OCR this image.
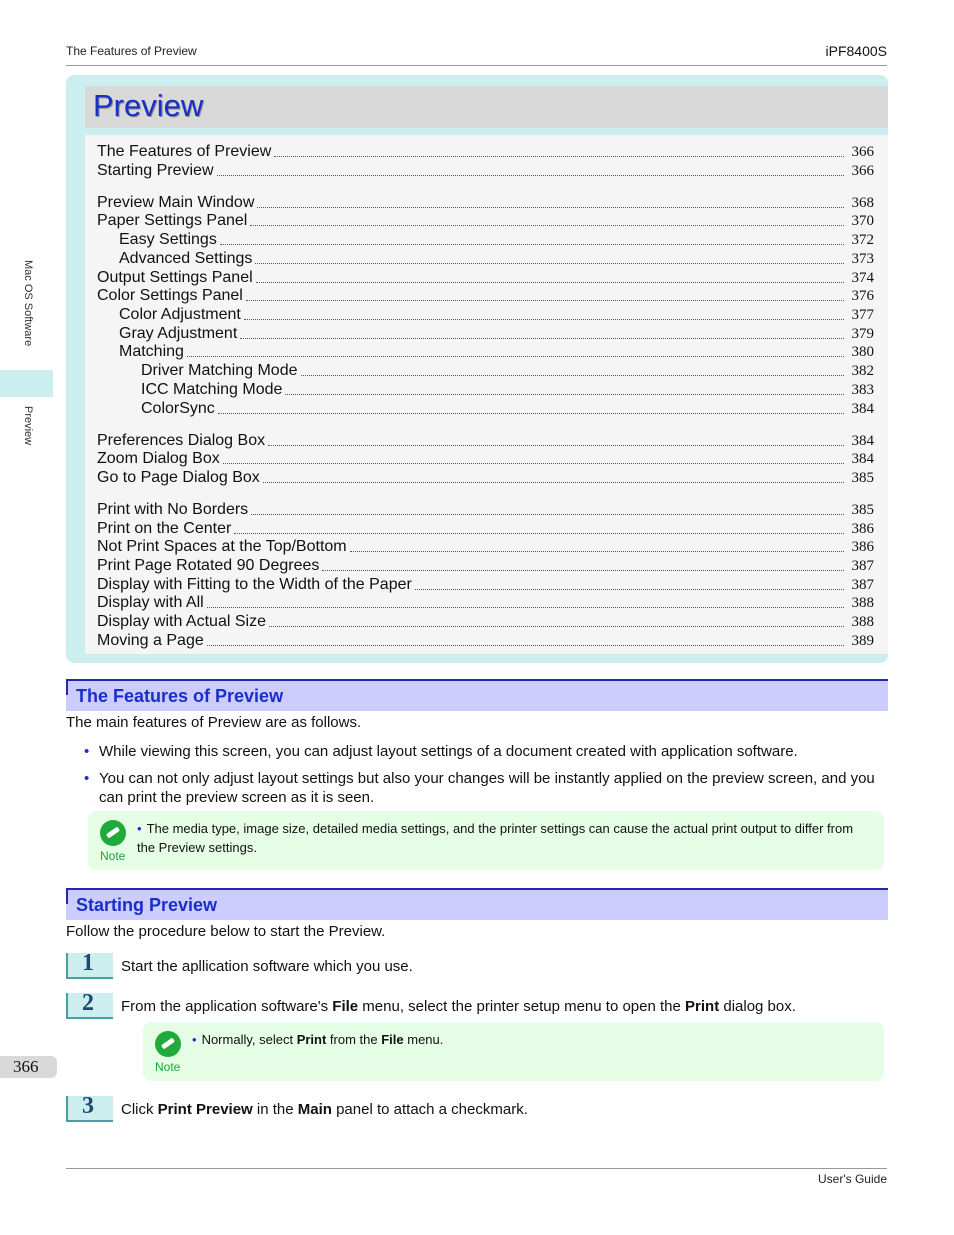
The Features of Preview	iPF8400S
Mac OS Software
Preview
Preview
The Features of Preview	366
Starting Preview	366
Preview Main Window	368
Paper Settings Panel	370
Easy Settings	372
Advanced Settings	373
Output Settings Panel	374
Color Settings Panel	376
Color Adjustment	377
Gray Adjustment	379
Matching	380
Driver Matching Mode	382
ICC Matching Mode	383
ColorSync	384
Preferences Dialog Box	384
Zoom Dialog Box	384
Go to Page Dialog Box	385
Print with No Borders	385
Print on the Center	386
Not Print Spaces at the Top/Bottom	386
Print Page Rotated 90 Degrees	387
Display with Fitting to the Width of the Paper	387
Display with All	388
Display with Actual Size	388
Moving a Page	389
The Features of Preview
The main features of Preview are as follows.
• While viewing this screen, you can adjust layout settings of a document created with application software.
• You can not only adjust layout settings but also your changes will be instantly applied on the preview screen, and you can print the preview screen as it is seen.
Note
• The media type, image size, detailed media settings, and the printer settings can cause the actual print output to differ from the Preview settings.
Starting Preview
Follow the procedure below to start the Preview.
1 Start the apllication software which you use.
2 From the application software's File menu, select the printer setup menu to open the Print dialog box.
Note
• Normally, select Print from the File menu.
3 Click Print Preview in the Main panel to attach a checkmark.
366
User's Guide
